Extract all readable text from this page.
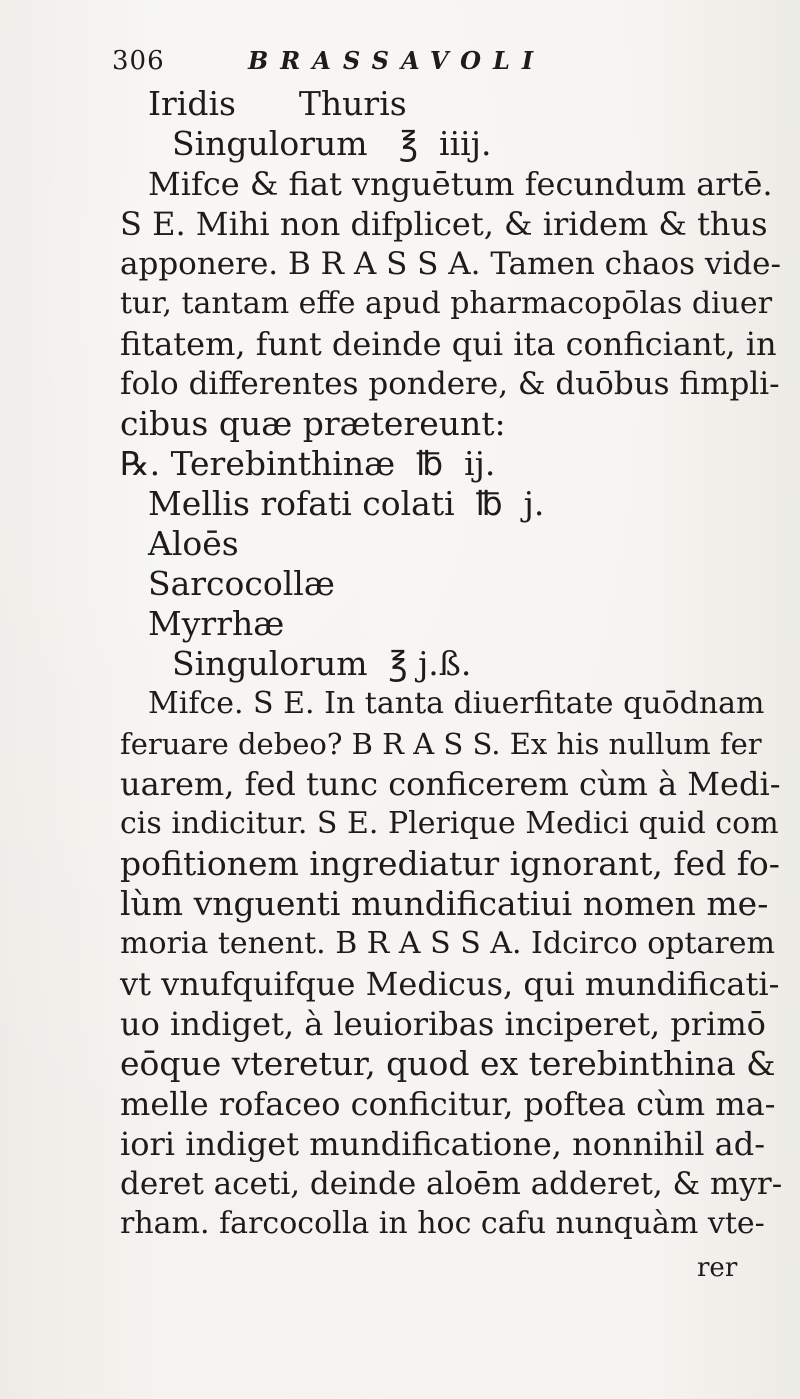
306	BRASSAVOLI
Iridis      Thuris
Singulorum   ℥  iiij.
Mifce & fiat vnguētum fecundum artē.
S E. Mihi non difplicet, & iridem & thus
apponere. B R A S S A. Tamen chaos vide-
tur, tantam effe apud pharmacopōlas diuer
fitatem, funt deinde qui ita conficiant, in
folo differentes pondere, & duōbus fimpli-
cibus quæ prætereunt:
℞. Terebinthinæ  ℔  ij.
Mellis rofati colati  ℔  j.
Aloēs
Sarcocollæ
Myrrhæ
Singulorum  ℥ j.ß.
Mifce. S E. In tanta diuerfitate quōdnam
feruare debeo? B R A S S. Ex his nullum fer
uarem, fed tunc conficerem cùm à Medi-
cis indicitur. S E. Plerique Medici quid com
pofitionem ingrediatur ignorant, fed fo-
lùm vnguenti mundificatiui nomen me-
moria tenent. B R A S S A. Idcirco optarem
vt vnufquifque Medicus, qui mundificati-
uo indiget, à leuioribas inciperet, primō
eōque vteretur, quod ex terebinthina &
melle rofaceo conficitur, poftea cùm ma-
iori indiget mundificatione, nonnihil ad-
deret aceti, deinde aloēm adderet, & myr-
rham. farcocolla in hoc cafu nunquàm vte-
rer
